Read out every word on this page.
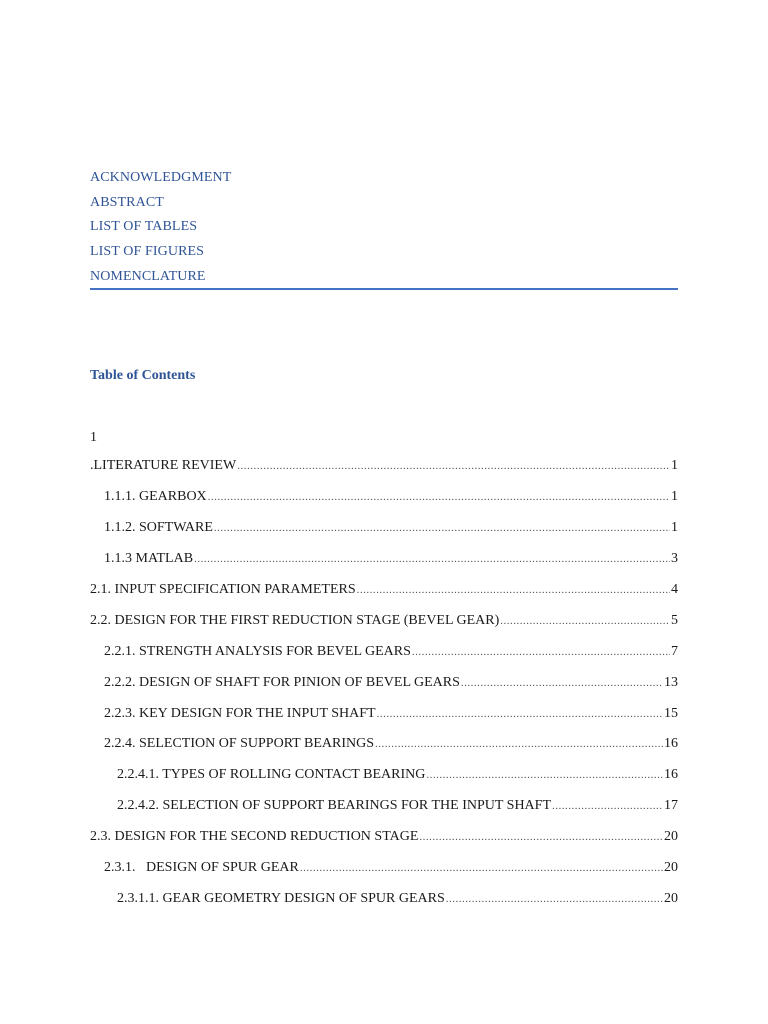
ACKNOWLEDGMENT
ABSTRACT
LIST OF TABLES
LIST OF FIGURES
NOMENCLATURE
Table of Contents
1
.LITERATURE REVIEW .....	1
1.1.1. GEARBOX .....	1
1.1.2. SOFTWARE .....	1
1.1.3 MATLAB .....	3
2.1. INPUT SPECIFICATION PARAMETERS .....	4
2.2. DESIGN FOR THE FIRST REDUCTION STAGE (BEVEL GEAR) .....	5
2.2.1. STRENGTH ANALYSIS FOR BEVEL GEARS .....	7
2.2.2. DESIGN OF SHAFT FOR PINION OF BEVEL GEARS .....	13
2.2.3. KEY DESIGN FOR THE INPUT SHAFT .....	15
2.2.4. SELECTION OF SUPPORT BEARINGS .....	16
2.2.4.1. TYPES OF ROLLING CONTACT BEARING .....	16
2.2.4.2. SELECTION OF SUPPORT BEARINGS FOR THE INPUT SHAFT .....	17
2.3. DESIGN FOR THE SECOND REDUCTION STAGE .....	20
2.3.1.   DESIGN OF SPUR GEAR .....	20
2.3.1.1. GEAR GEOMETRY DESIGN OF SPUR GEARS .....	20
